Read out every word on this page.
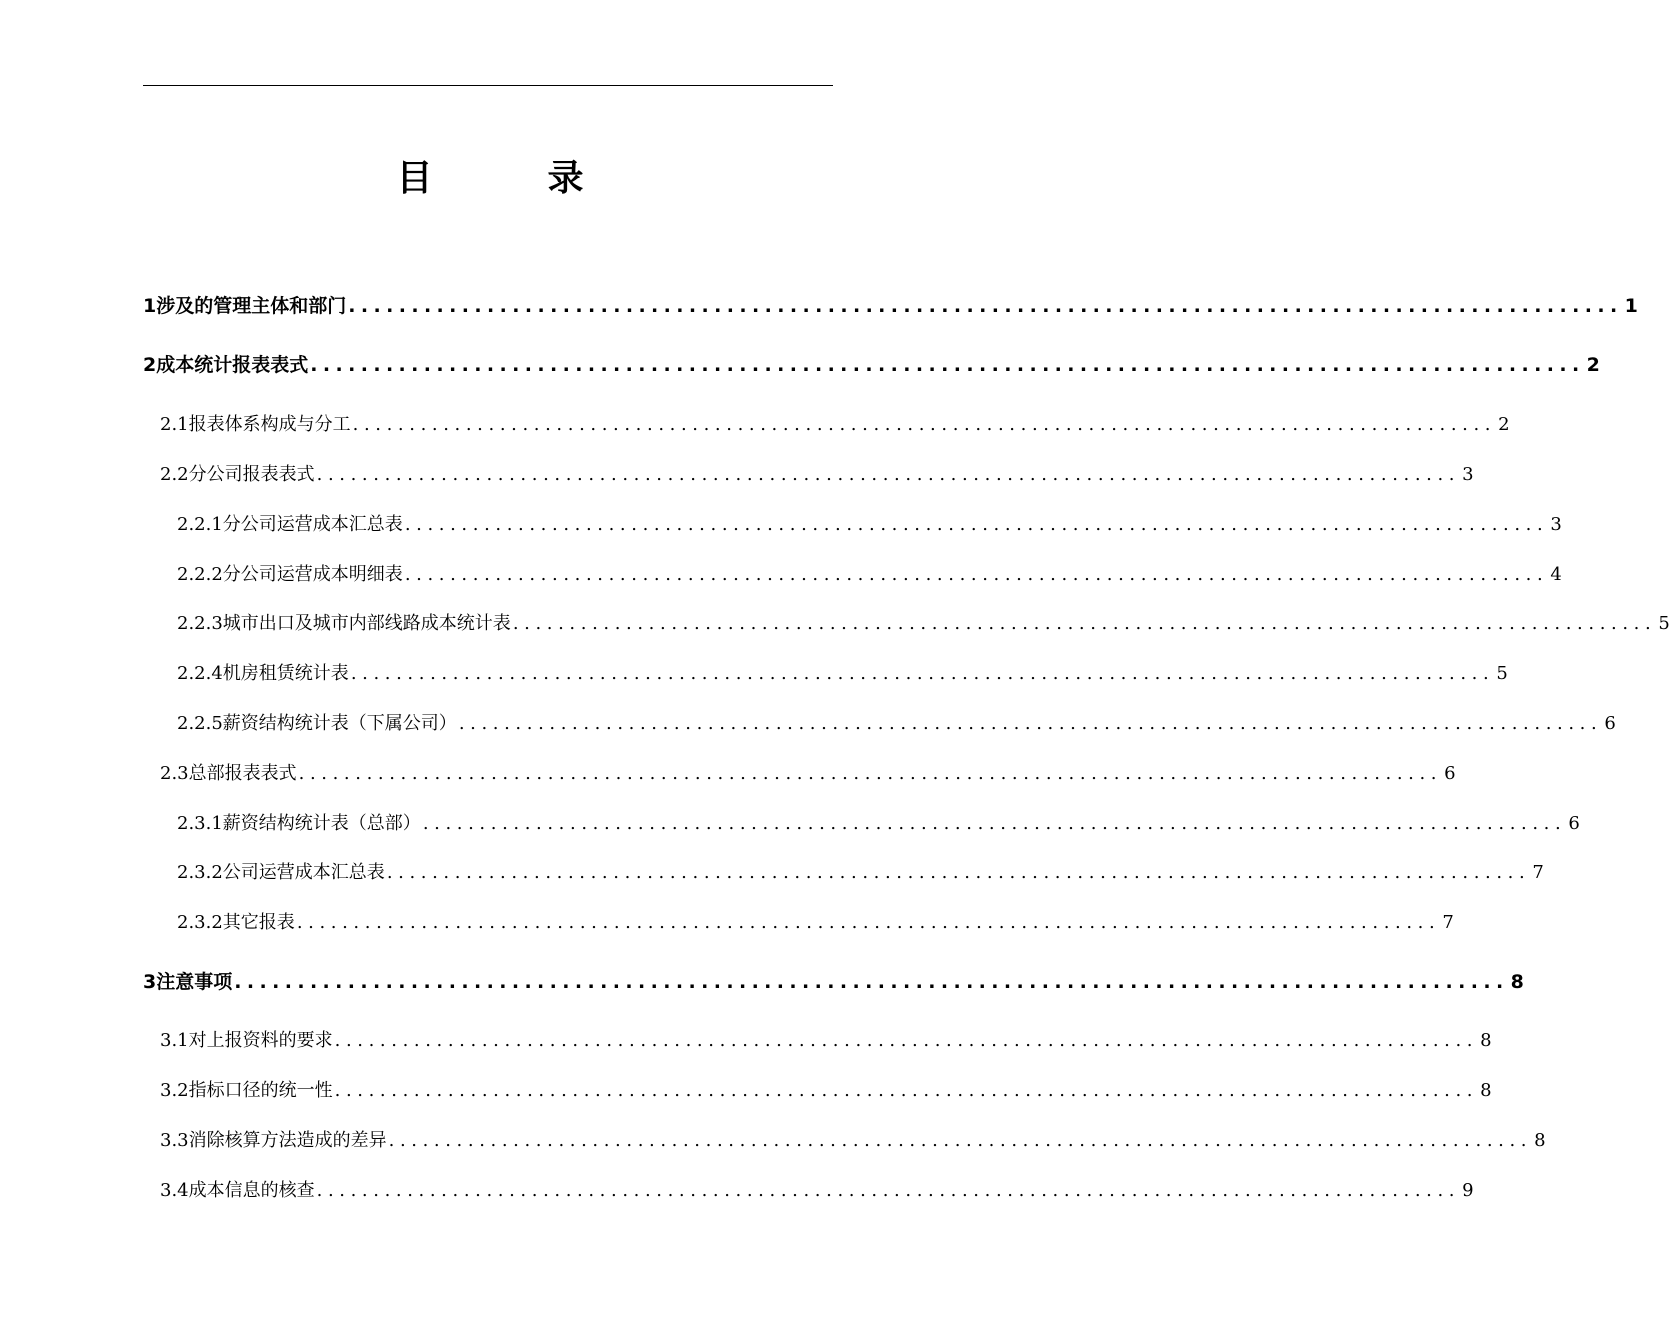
目	录
1涉及的管理主体和部门 ..................................................................................................... 1
2成本统计报表表式 ..................................................................................................... 2
2.1报表体系构成与分工 ..................................................................................................... 2
2.2分公司报表表式 ..................................................................................................... 3
2.2.1分公司运营成本汇总表 ..................................................................................................... 3
2.2.2分公司运营成本明细表 ..................................................................................................... 4
2.2.3城市出口及城市内部线路成本统计表 ..................................................................................................... 5
2.2.4机房租赁统计表 ..................................................................................................... 5
2.2.5薪资结构统计表（下属公司） ..................................................................................................... 6
2.3总部报表表式 ..................................................................................................... 6
2.3.1薪资结构统计表（总部） ..................................................................................................... 6
2.3.2公司运营成本汇总表 ..................................................................................................... 7
2.3.2其它报表 ..................................................................................................... 7
3注意事项 ..................................................................................................... 8
3.1对上报资料的要求 ..................................................................................................... 8
3.2指标口径的统一性 ..................................................................................................... 8
3.3消除核算方法造成的差异 ..................................................................................................... 8
3.4成本信息的核查 ..................................................................................................... 9
